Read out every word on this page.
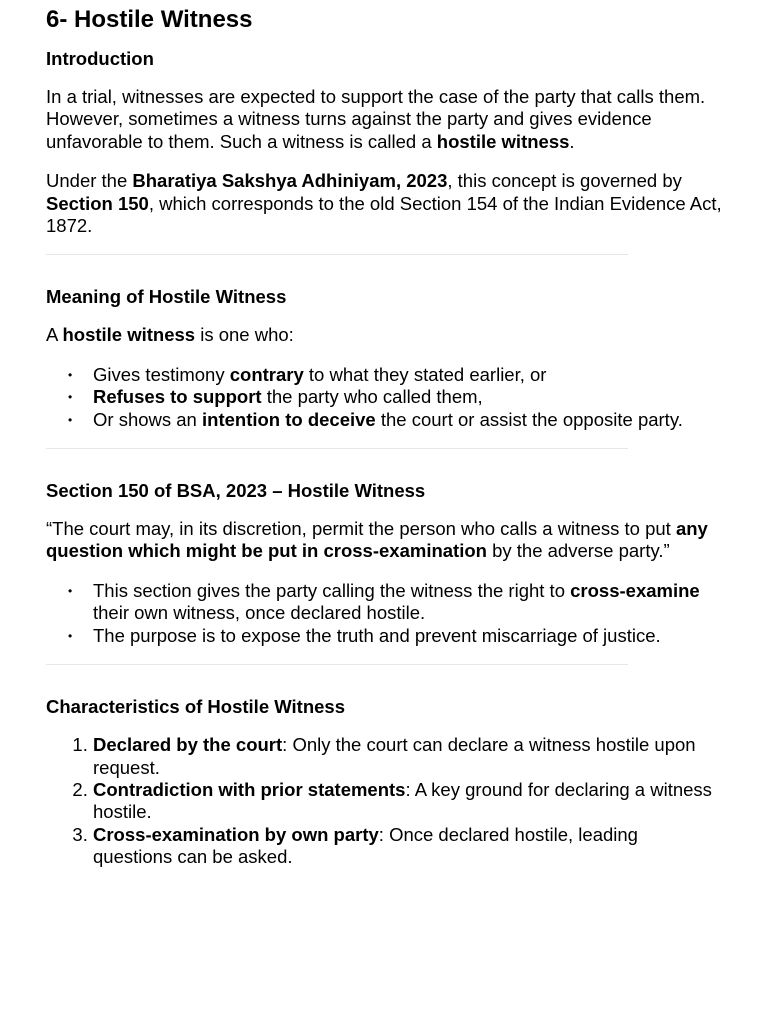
6- Hostile Witness
Introduction

In a trial, witnesses are expected to support the case of the party that calls them. However, sometimes a witness turns against the party and gives evidence unfavorable to them. Such a witness is called a hostile witness.

Under the Bharatiya Sakshya Adhiniyam, 2023, this concept is governed by Section 150, which corresponds to the old Section 154 of the Indian Evidence Act, 1872.

Meaning of Hostile Witness

A hostile witness is one who:

• Gives testimony contrary to what they stated earlier, or
• Refuses to support the party who called them,
• Or shows an intention to deceive the court or assist the opposite party.
Section 150 of BSA, 2023 – Hostile Witness

“The court may, in its discretion, permit the person who calls a witness to put any question which might be put in cross-examination by the adverse party.”

• This section gives the party calling the witness the right to cross-examine their own witness, once declared hostile.
• The purpose is to expose the truth and prevent miscarriage of justice.
Characteristics of Hostile Witness
1. Declared by the court: Only the court can declare a witness hostile upon request.
2. Contradiction with prior statements: A key ground for declaring a witness hostile.
3. Cross-examination by own party: Once declared hostile, leading questions can be asked.
